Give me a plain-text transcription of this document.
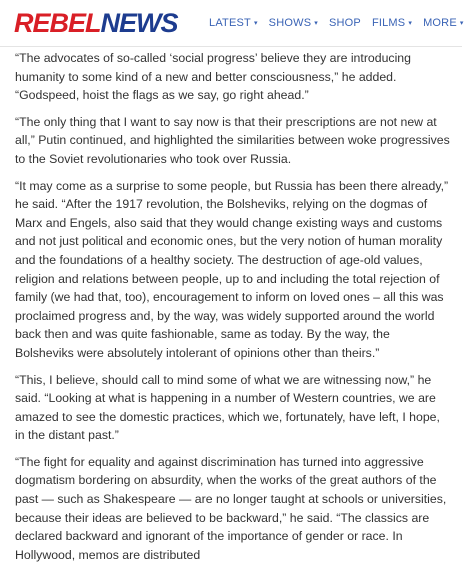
REBELNEWS	LATEST ▾ SHOWS ▾ SHOP FILMS ▾ MORE ▾

“The advocates of so-called ‘social progress’ believe they are introducing humanity to some kind of a new and better consciousness,” he added. “Godspeed, hoist the flags as we say, go right ahead.”

“The only thing that I want to say now is that their prescriptions are not new at all,” Putin continued, and highlighted the similarities between woke progressives to the Soviet revolutionaries who took over Russia.

“It may come as a surprise to some people, but Russia has been there already,” he said. “After the 1917 revolution, the Bolsheviks, relying on the dogmas of Marx and Engels, also said that they would change existing ways and customs and not just political and economic ones, but the very notion of human morality and the foundations of a healthy society. The destruction of age-old values, religion and relations between people, up to and including the total rejection of family (we had that, too), encouragement to inform on loved ones – all this was proclaimed progress and, by the way, was widely supported around the world back then and was quite fashionable, same as today. By the way, the Bolsheviks were absolutely intolerant of opinions other than theirs.”

“This, I believe, should call to mind some of what we are witnessing now,” he said. “Looking at what is happening in a number of Western countries, we are amazed to see the domestic practices, which we, fortunately, have left, I hope, in the distant past.”

“The fight for equality and against discrimination has turned into aggressive dogmatism bordering on absurdity, when the works of the great authors of the past — such as Shakespeare — are no longer taught at schools or universities, because their ideas are believed to be backward,” he said. “The classics are declared backward and ignorant of the importance of gender or race. In Hollywood, memos are distributed
